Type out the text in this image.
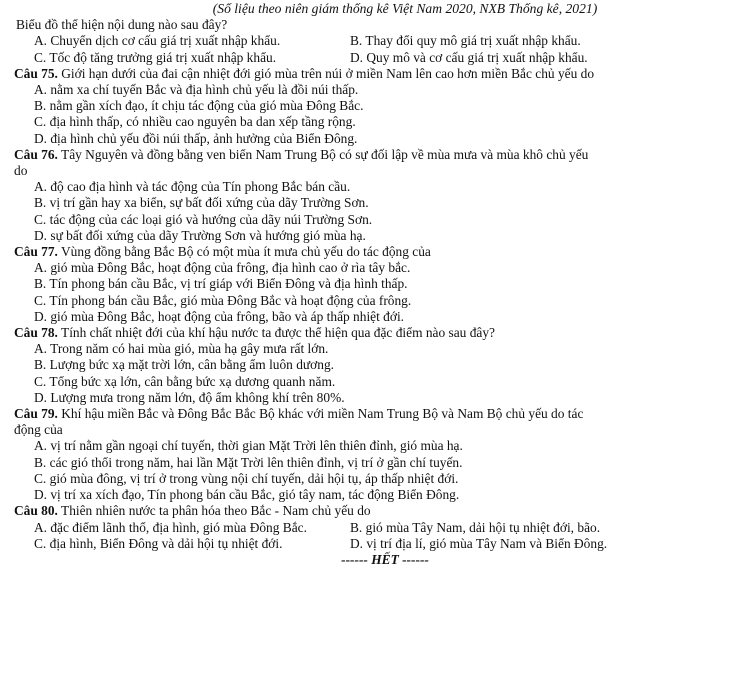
(Số liệu theo niên giám thống kê Việt Nam 2020, NXB Thống kê, 2021)
Biểu đồ thể hiện nội dung nào sau đây?
A. Chuyển dịch cơ cấu giá trị xuất nhập khẩu.	B. Thay đổi quy mô giá trị xuất nhập khẩu.
C. Tốc độ tăng trưởng giá trị xuất nhập khẩu.	D. Quy mô và cơ cấu giá trị xuất nhập khẩu.
Câu 75. Giới hạn dưới của đai cận nhiệt đới gió mùa trên núi ở miền Nam lên cao hơn miền Bắc chủ yếu do
A. nằm xa chí tuyến Bắc và địa hình chủ yếu là đồi núi thấp.
B. nằm gần xích đạo, ít chịu tác động của gió mùa Đông Bắc.
C. địa hình thấp, có nhiều cao nguyên ba dan xếp tầng rộng.
D. địa hình chủ yếu đồi núi thấp, ảnh hưởng của Biển Đông.
Câu 76. Tây Nguyên và đồng bằng ven biển Nam Trung Bộ có sự đối lập về mùa mưa và mùa khô chủ yếu
do
A. độ cao địa hình và tác động của Tín phong Bắc bán cầu.
B. vị trí gần hay xa biển, sự bất đối xứng của dãy Trường Sơn.
C. tác động của các loại gió và hướng của dãy núi Trường Sơn.
D. sự bất đối xứng của dãy Trường Sơn và hướng gió mùa hạ.
Câu 77. Vùng đồng bằng Bắc Bộ có một mùa ít mưa chủ yếu do tác động của
A. gió mùa Đông Bắc, hoạt động của frông, địa hình cao ở rìa tây bắc.
B. Tín phong bán cầu Bắc, vị trí giáp với Biển Đông và địa hình thấp.
C. Tín phong bán cầu Bắc, gió mùa Đông Bắc và hoạt động của frông.
D. gió mùa Đông Bắc, hoạt động của frông, bão và áp thấp nhiệt đới.
Câu 78. Tính chất nhiệt đới của khí hậu nước ta được thể hiện qua đặc điểm nào sau đây?
A. Trong năm có hai mùa gió, mùa hạ gây mưa rất lớn.
B. Lượng bức xạ mặt trời lớn, cân bằng ẩm luôn dương.
C. Tổng bức xạ lớn, cân bằng bức xạ dương quanh năm.
D. Lượng mưa trong năm lớn, độ ẩm không khí trên 80%.
Câu 79. Khí hậu miền Bắc và Đông Bắc Bắc Bộ khác với miền Nam Trung Bộ và Nam Bộ chủ yếu do tác
động của
A. vị trí nằm gần ngoại chí tuyến, thời gian Mặt Trời lên thiên đỉnh, gió mùa hạ.
B. các gió thổi trong năm, hai lần Mặt Trời lên thiên đỉnh, vị trí ở gần chí tuyến.
C. gió mùa đông, vị trí ở trong vùng nội chí tuyến, dải hội tụ, áp thấp nhiệt đới.
D. vị trí xa xích đạo, Tín phong bán cầu Bắc, gió tây nam, tác động Biển Đông.
Câu 80. Thiên nhiên nước ta phân hóa theo Bắc - Nam chủ yếu do
A. đặc điểm lãnh thổ, địa hình, gió mùa Đông Bắc.	B. gió mùa Tây Nam, dải hội tụ nhiệt đới, bão.
C. địa hình, Biển Đông và dải hội tụ nhiệt đới.	D. vị trí địa lí, gió mùa Tây Nam và Biển Đông.
------ HẾT ------
